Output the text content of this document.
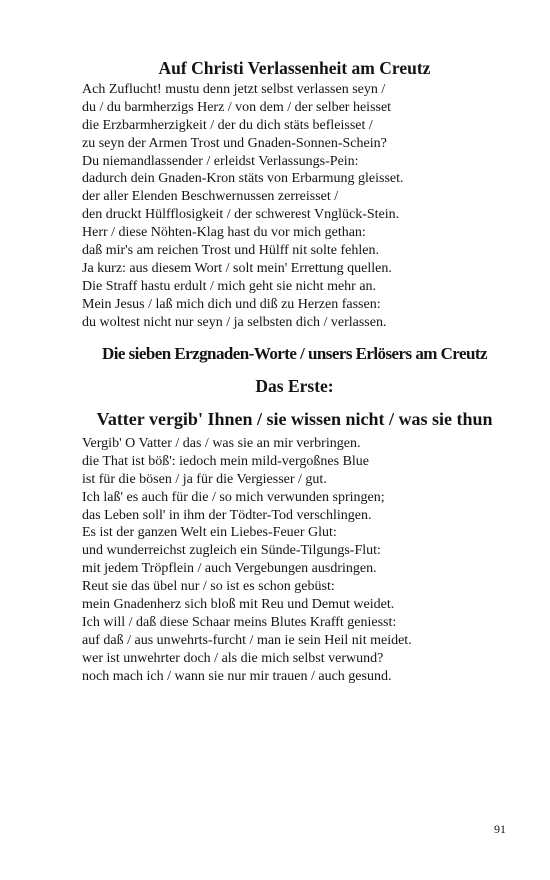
Auf Christi Verlassenheit am Creutz
Ach Zuflucht! mustu denn jetzt selbst verlassen seyn /
du / du barmherzigs Herz / von dem / der selber heisset
die Erzbarmherzigkeit / der du dich stäts befleisset /
zu seyn der Armen Trost und Gnaden-Sonnen-Schein?
Du niemandlassender / erleidst Verlassungs-Pein:
dadurch dein Gnaden-Kron stäts von Erbarmung gleisset.
der aller Elenden Beschwernussen zerreisset /
den druckt Hülfflosigkeit / der schwerest Vnglück-Stein.
Herr / diese Nöhten-Klag hast du vor mich gethan:
daß mir's am reichen Trost und Hülff nit solte fehlen.
Ja kurz: aus diesem Wort / solt mein' Errettung quellen.
Die Straff hastu erdult / mich geht sie nicht mehr an.
Mein Jesus / laß mich dich und diß zu Herzen fassen:
du woltest nicht nur seyn / ja selbsten dich / verlassen.
Die sieben Erzgnaden-Worte / unsers Erlösers am Creutz
Das Erste:
Vatter vergib' Ihnen / sie wissen nicht / was sie thun
Vergib' O Vatter / das / was sie an mir verbringen.
die That ist böß': iedoch mein mild-vergoßnes Blue
ist für die bösen / ja für die Vergiesser / gut.
Ich laß' es auch für die / so mich verwunden springen;
das Leben soll' in ihm der Tödter-Tod verschlingen.
Es ist der ganzen Welt ein Liebes-Feuer Glut:
und wunderreichst zugleich ein Sünde-Tilgungs-Flut:
mit jedem Tröpflein / auch Vergebungen ausdringen.
Reut sie das übel nur / so ist es schon gebüst:
mein Gnadenherz sich bloß mit Reu und Demut weidet.
Ich will / daß diese Schaar meins Blutes Krafft geniesst:
auf daß / aus unwehrts-furcht / man ie sein Heil nit meidet.
wer ist unwehrter doch / als die mich selbst verwund?
noch mach ich / wann sie nur mir trauen / auch gesund.
91
